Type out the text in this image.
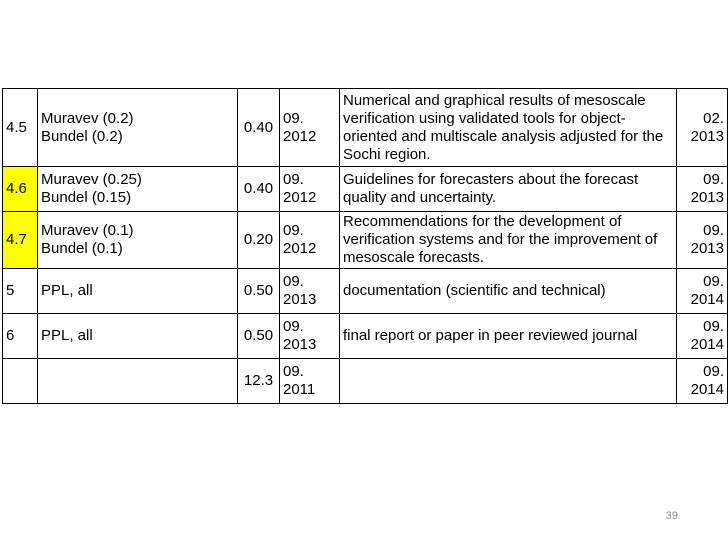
4.5	Muravev (0.2)
Bundel (0.2)	0.40	09.
2012	Numerical and graphical results of mesoscale verification using validated tools for object-oriented and multiscale analysis adjusted for the Sochi region.	02.
2013

4.6	Muravev (0.25)
Bundel (0.15)	0.40	09.
2012	Guidelines for forecasters about the forecast quality and uncertainty.	09.
2013

4.7	Muravev (0.1)
Bundel (0.1)	0.20	09.
2012	Recommendations for the development of verification systems and for the improvement of mesoscale forecasts.	09.
2013

5	PPL, all	0.50	09.
2013	documentation (scientific and technical)	09.
2014

6	PPL, all	0.50	09.
2013	final report or paper in peer reviewed journal	09.
2014

	12.3	09.
2011		09.
2014
39
